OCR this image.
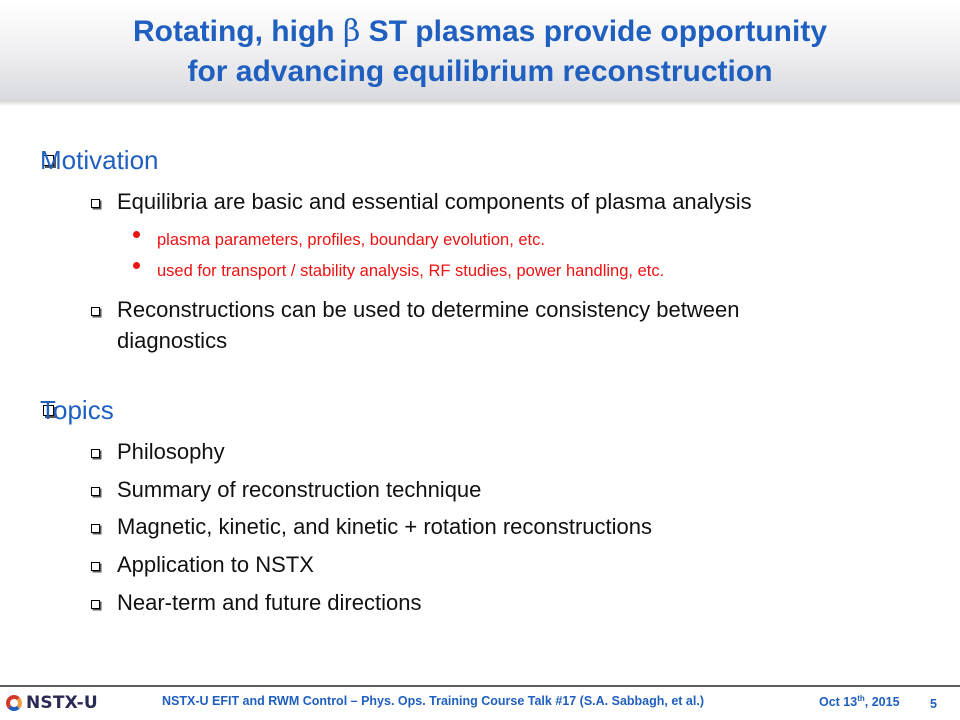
Rotating, high β ST plasmas provide opportunity
for advancing equilibrium reconstruction
Motivation
Equilibria are basic and essential components of plasma analysis
plasma parameters, profiles, boundary evolution, etc.
used for transport / stability analysis, RF studies, power handling, etc.
Reconstructions can be used to determine consistency between
diagnostics
Topics
Philosophy
Summary of reconstruction technique
Magnetic, kinetic, and kinetic + rotation reconstructions
Application to NSTX
Near-term and future directions
NSTX-U	NSTX-U EFIT and RWM Control – Phys. Ops. Training Course Talk #17 (S.A. Sabbagh, et al.)	Oct 13th, 2015 5
